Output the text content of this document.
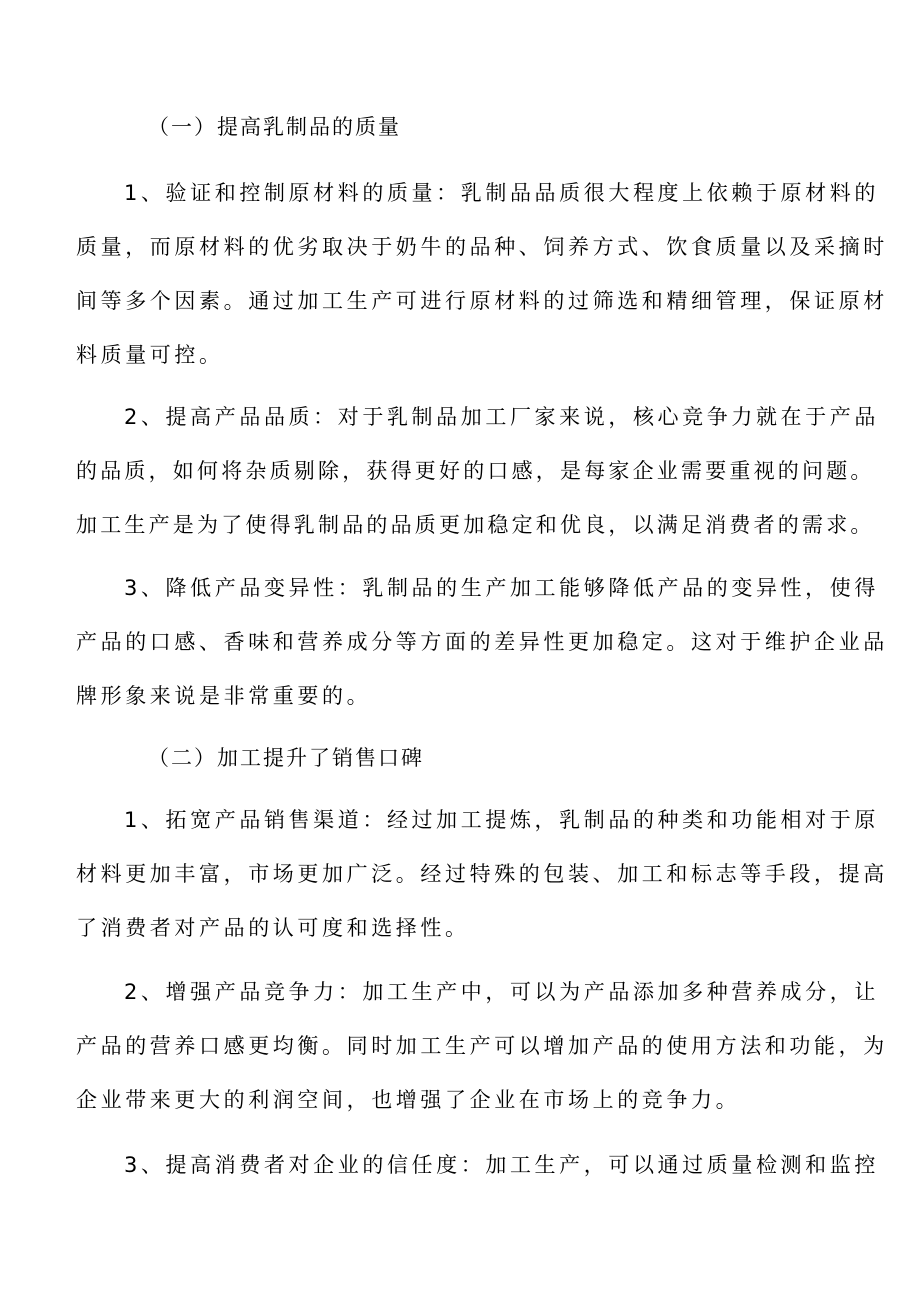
（一）提高乳制品的质量
1、验证和控制原材料的质量：乳制品品质很大程度上依赖于原材料的
质量，而原材料的优劣取决于奶牛的品种、饲养方式、饮食质量以及采摘时
间等多个因素。通过加工生产可进行原材料的过筛选和精细管理，保证原材
料质量可控。
2、提高产品品质：对于乳制品加工厂家来说，核心竞争力就在于产品
的品质，如何将杂质剔除，获得更好的口感，是每家企业需要重视的问题。
加工生产是为了使得乳制品的品质更加稳定和优良，以满足消费者的需求。
3、降低产品变异性：乳制品的生产加工能够降低产品的变异性，使得
产品的口感、香味和营养成分等方面的差异性更加稳定。这对于维护企业品
牌形象来说是非常重要的。
（二）加工提升了销售口碑
1、拓宽产品销售渠道：经过加工提炼，乳制品的种类和功能相对于原
材料更加丰富，市场更加广泛。经过特殊的包装、加工和标志等手段，提高
了消费者对产品的认可度和选择性。
2、增强产品竞争力：加工生产中，可以为产品添加多种营养成分，让
产品的营养口感更均衡。同时加工生产可以增加产品的使用方法和功能，为
企业带来更大的利润空间，也增强了企业在市场上的竞争力。
3、提高消费者对企业的信任度：加工生产，可以通过质量检测和监控
